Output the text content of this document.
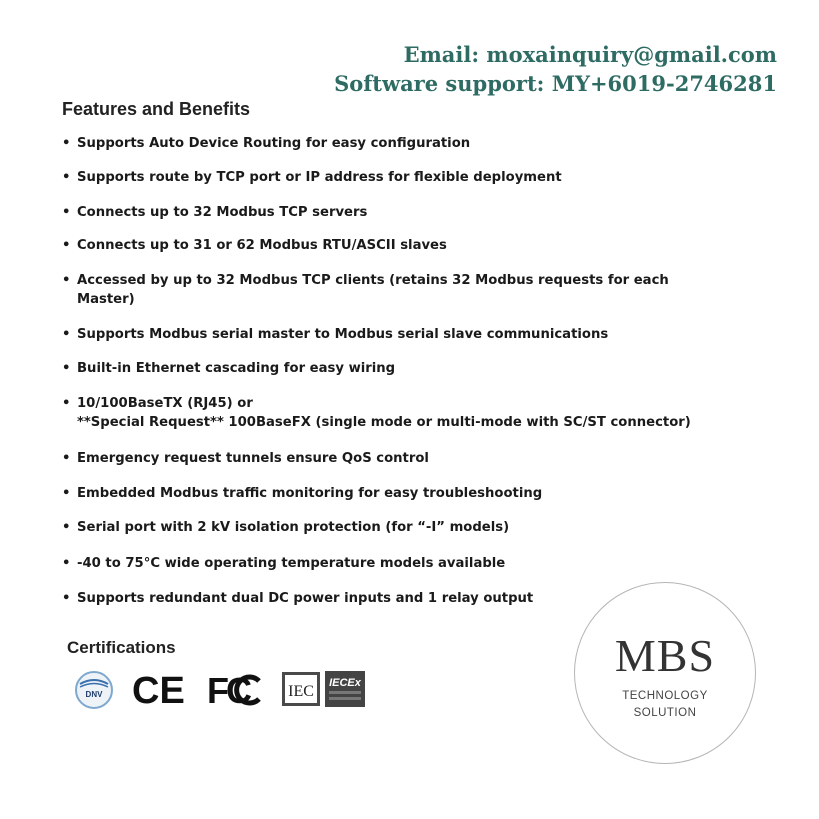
Email: moxainquiry@gmail.com
Software support: MY+6019-2746281
Features and Benefits
• Supports Auto Device Routing for easy configuration
• Supports route by TCP port or IP address for flexible deployment
• Connects up to 32 Modbus TCP servers
• Connects up to 31 or 62 Modbus RTU/ASCII slaves
• Accessed by up to 32 Modbus TCP clients (retains 32 Modbus requests for each
Master)
• Supports Modbus serial master to Modbus serial slave communications
• Built-in Ethernet cascading for easy wiring
• 10/100BaseTX (RJ45) or
**Special Request** 100BaseFX (single mode or multi-mode with SC/ST connector)
• Emergency request tunnels ensure QoS control
• Embedded Modbus traffic monitoring for easy troubleshooting
• Serial port with 2 kV isolation protection (for “-I” models)
• -40 to 75°C wide operating temperature models available
• Supports redundant dual DC power inputs and 1 relay output
Certifications
DNV CE FC IEC IECEx
MBS
TECHNOLOGY
SOLUTION
